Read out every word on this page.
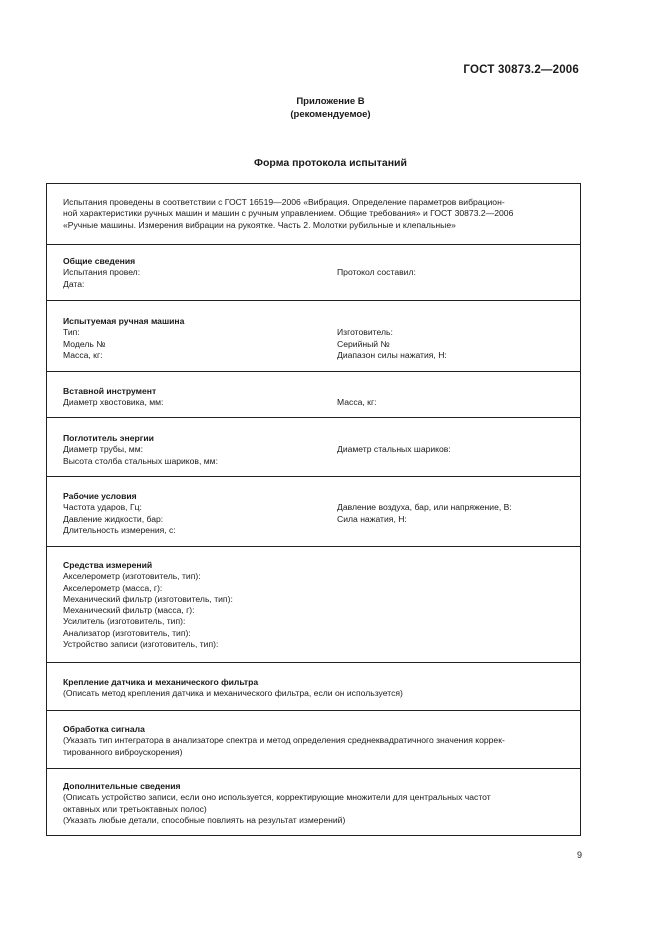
ГОСТ 30873.2—2006
Приложение В
(рекомендуемое)
Форма протокола испытаний
Испытания проведены в соответствии с ГОСТ 16519—2006 «Вибрация. Определение параметров вибрацион-
ной характеристики ручных машин и машин с ручным управлением. Общие требования» и ГОСТ 30873.2—2006
«Ручные машины. Измерения вибрации на рукоятке. Часть 2. Молотки рубильные и клепальные»
Общие сведения
Испытания провел:
Дата:
Протокол составил:
Испытуемая ручная машина
Тип:
Модель №
Масса, кг:
Изготовитель:
Серийный №
Диапазон силы нажатия, Н:
Вставной инструмент
Диаметр хвостовика, мм:	Масса, кг:
Поглотитель энергии
Диаметр трубы, мм:
Высота столба стальных шариков, мм:
Диаметр стальных шариков:
Рабочие условия
Частота ударов, Гц:
Давление жидкости, бар:
Длительность измерения, с:
Давление воздуха, бар, или напряжение, В:
Сила нажатия, Н:
Средства измерений
Акселерометр (изготовитель, тип):
Акселерометр (масса, г):
Механический фильтр (изготовитель, тип):
Механический фильтр (масса, г):
Усилитель (изготовитель, тип):
Анализатор (изготовитель, тип):
Устройство записи (изготовитель, тип):
Крепление датчика и механического фильтра
(Описать метод крепления датчика и механического фильтра, если он используется)
Обработка сигнала
(Указать тип интегратора в анализаторе спектра и метод определения среднеквадратичного значения коррек-
тированного виброускорения)
Дополнительные сведения
(Описать устройство записи, если оно используется, корректирующие множители для центральных частот
октавных или третьоктавных полос)
(Указать любые детали, способные повлиять на результат измерений)
9
